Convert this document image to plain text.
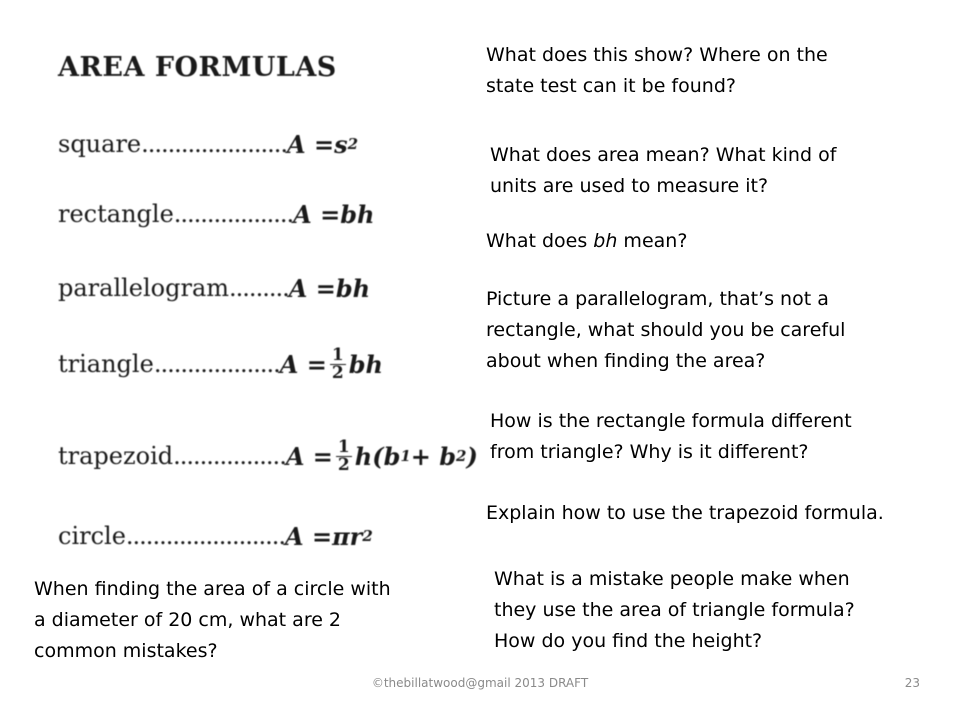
AREA FORMULAS
square ...................... A = s 2
rectangle .................. A = bh
parallelogram ......... A = bh
triangle ................... $A = \frac{1}{2}$ bh
trapezoid ................. $A = \frac{1}{2} h(b$ 1 + b 2 )
circle ........................ A = πr 2
What does this show? Where on the
state test can it be found?
What does area mean? What kind of
units are used to measure it?
What does bh mean?
Picture a parallelogram, that’s not a
rectangle, what should you be careful
about when finding the area?
How is the rectangle formula different
from triangle? Why is it different?
Explain how to use the trapezoid formula.
What is a mistake people make when
they use the area of triangle formula?
How do you find the height?
When finding the area of a circle with
a diameter of 20 cm, what are 2
common mistakes?
©thebillatwood@gmail 2013 DRAFT	23
